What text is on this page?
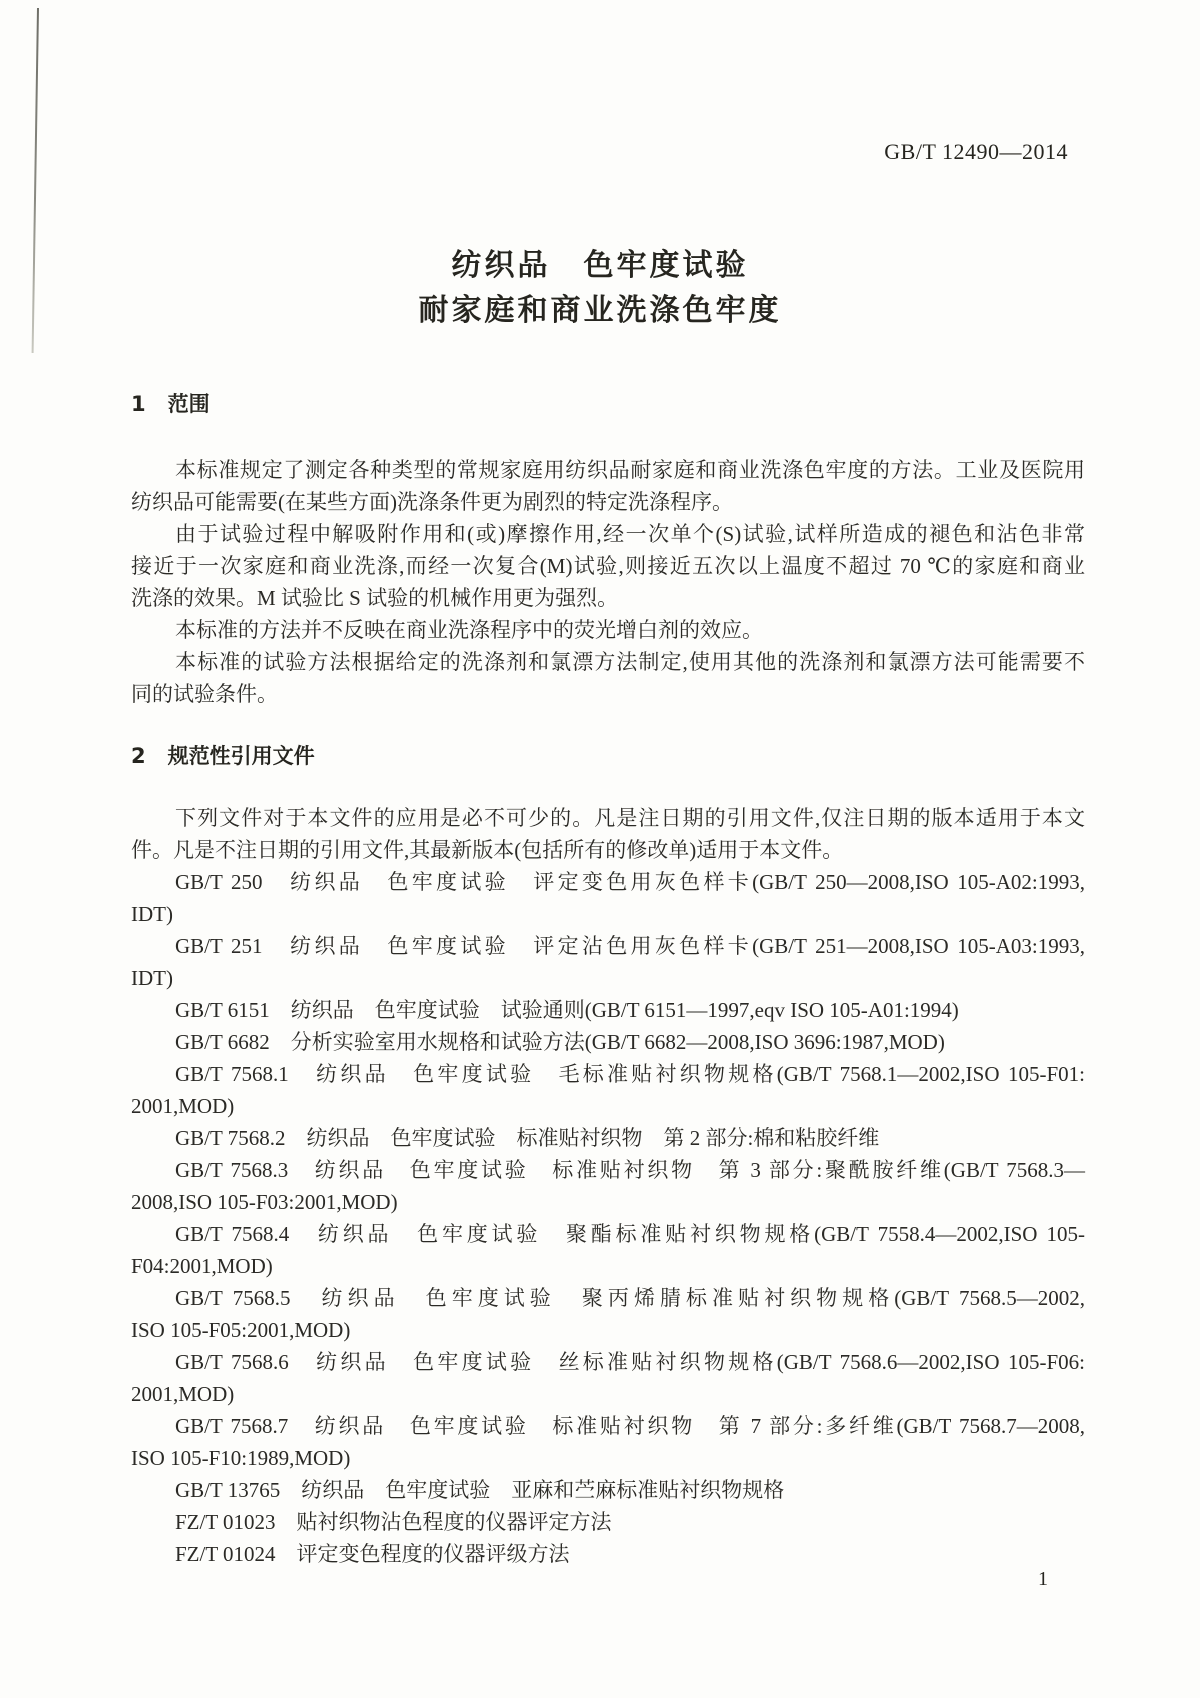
GB/T 12490—2014
纺织品　色牢度试验
耐家庭和商业洗涤色牢度
1 范围
本标准规定了测定各种类型的常规家庭用纺织品耐家庭和商业洗涤色牢度的方法。工业及医院用
纺织品可能需要(在某些方面)洗涤条件更为剧烈的特定洗涤程序。
由于试验过程中解吸附作用和(或)摩擦作用,经一次单个(S)试验,试样所造成的褪色和沾色非常
接近于一次家庭和商业洗涤,而经一次复合(M)试验,则接近五次以上温度不超过 70 ℃的家庭和商业
洗涤的效果。M 试验比 S 试验的机械作用更为强烈。
本标准的方法并不反映在商业洗涤程序中的荧光增白剂的效应。
本标准的试验方法根据给定的洗涤剂和氯漂方法制定,使用其他的洗涤剂和氯漂方法可能需要不
同的试验条件。
2 规范性引用文件
下列文件对于本文件的应用是必不可少的。凡是注日期的引用文件,仅注日期的版本适用于本文
件。凡是不注日期的引用文件,其最新版本(包括所有的修改单)适用于本文件。
GB/T 250　纺织品　色牢度试验　评定变色用灰色样卡(GB/T 250—2008,ISO 105-A02:1993,
IDT)
GB/T 251　纺织品　色牢度试验　评定沾色用灰色样卡(GB/T 251—2008,ISO 105-A03:1993,
IDT)
GB/T 6151　纺织品　色牢度试验　试验通则(GB/T 6151—1997,eqv ISO 105-A01:1994)
GB/T 6682　分析实验室用水规格和试验方法(GB/T 6682—2008,ISO 3696:1987,MOD)
GB/T 7568.1　纺织品　色牢度试验　毛标准贴衬织物规格(GB/T 7568.1—2002,ISO 105-F01:
2001,MOD)
GB/T 7568.2　纺织品　色牢度试验　标准贴衬织物　第 2 部分:棉和粘胶纤维
GB/T 7568.3　纺织品　色牢度试验　标准贴衬织物　第 3 部分:聚酰胺纤维(GB/T 7568.3—
2008,ISO 105-F03:2001,MOD)
GB/T 7568.4　纺织品　色牢度试验　聚酯标准贴衬织物规格(GB/T 7558.4—2002,ISO 105-
F04:2001,MOD)
GB/T 7568.5　纺织品　色牢度试验　聚丙烯腈标准贴衬织物规格(GB/T 7568.5—2002,
ISO 105-F05:2001,MOD)
GB/T 7568.6　纺织品　色牢度试验　丝标准贴衬织物规格(GB/T 7568.6—2002,ISO 105-F06:
2001,MOD)
GB/T 7568.7　纺织品　色牢度试验　标准贴衬织物　第 7 部分:多纤维(GB/T 7568.7—2008,
ISO 105-F10:1989,MOD)
GB/T 13765　纺织品　色牢度试验　亚麻和苎麻标准贴衬织物规格
FZ/T 01023　贴衬织物沾色程度的仪器评定方法
FZ/T 01024　评定变色程度的仪器评级方法
1
